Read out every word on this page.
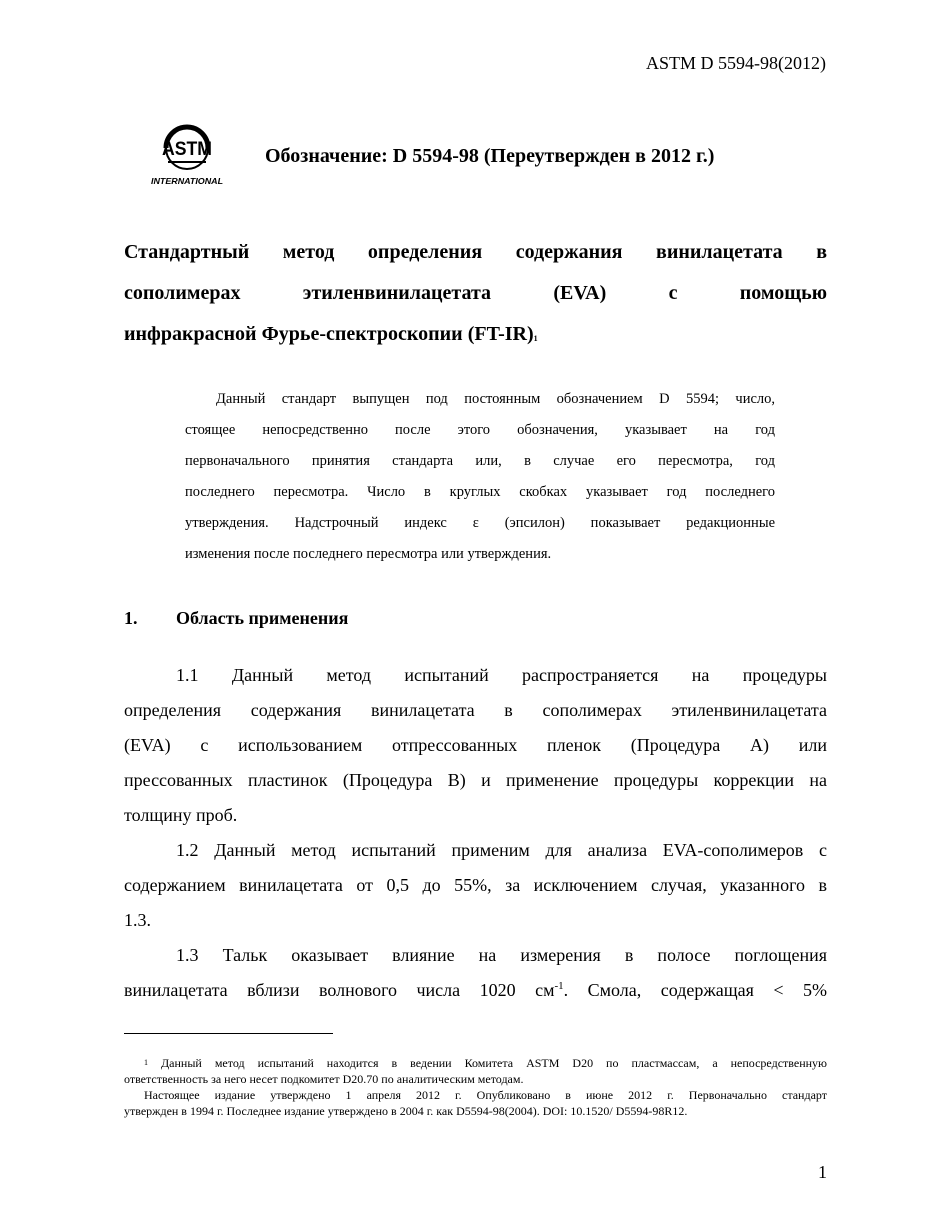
ASTM D 5594-98(2012)
ASTM
INTERNATIONAL
Обозначение: D 5594-98 (Переутвержден в 2012 г.)
Стандартный метод определения содержания винилацетата в
сополимерах этиленвинилацетата (EVA) с помощью
инфракрасной Фурье-спектроскопии $(FT-IR)^1$
Данный стандарт выпущен под постоянным обозначением D 5594; число,
стоящее непосредственно после этого обозначения, указывает на год
первоначального принятия стандарта или, в случае его пересмотра, год
последнего пересмотра. Число в круглых скобках указывает год последнего
утверждения. Надстрочный индекс ε (эпсилон) показывает редакционные
изменения после последнего пересмотра или утверждения.
1. Область применения
1.1 Данный метод испытаний распространяется на процедуры
определения содержания винилацетата в сополимерах этиленвинилацетата
(EVA) с использованием отпрессованных пленок (Процедура А) или
прессованных пластинок (Процедура В) и применение процедуры коррекции на
толщину проб.
1.2 Данный метод испытаний применим для анализа EVA-сополимеров с
содержанием винилацетата от 0,5 до 55%, за исключением случая, указанного в
1.3.
1.3 Тальк оказывает влияние на измерения в полосе поглощения
винилацетата вблизи волнового числа 1020 $см^{-1}$. Смола, содержащая < 5%
$^1$ Данный метод испытаний находится в ведении Комитета ASTM D20 по пластмассам, а непосредственную
ответственность за него несет подкомитет D20.70 по аналитическим методам.
Настоящее издание утверждено 1 апреля 2012 г. Опубликовано в июне 2012 г. Первоначально стандарт
утвержден в 1994 г. Последнее издание утверждено в 2004 г. как D5594-98(2004). DOI: 10.1520/ D5594-98R12.
1
